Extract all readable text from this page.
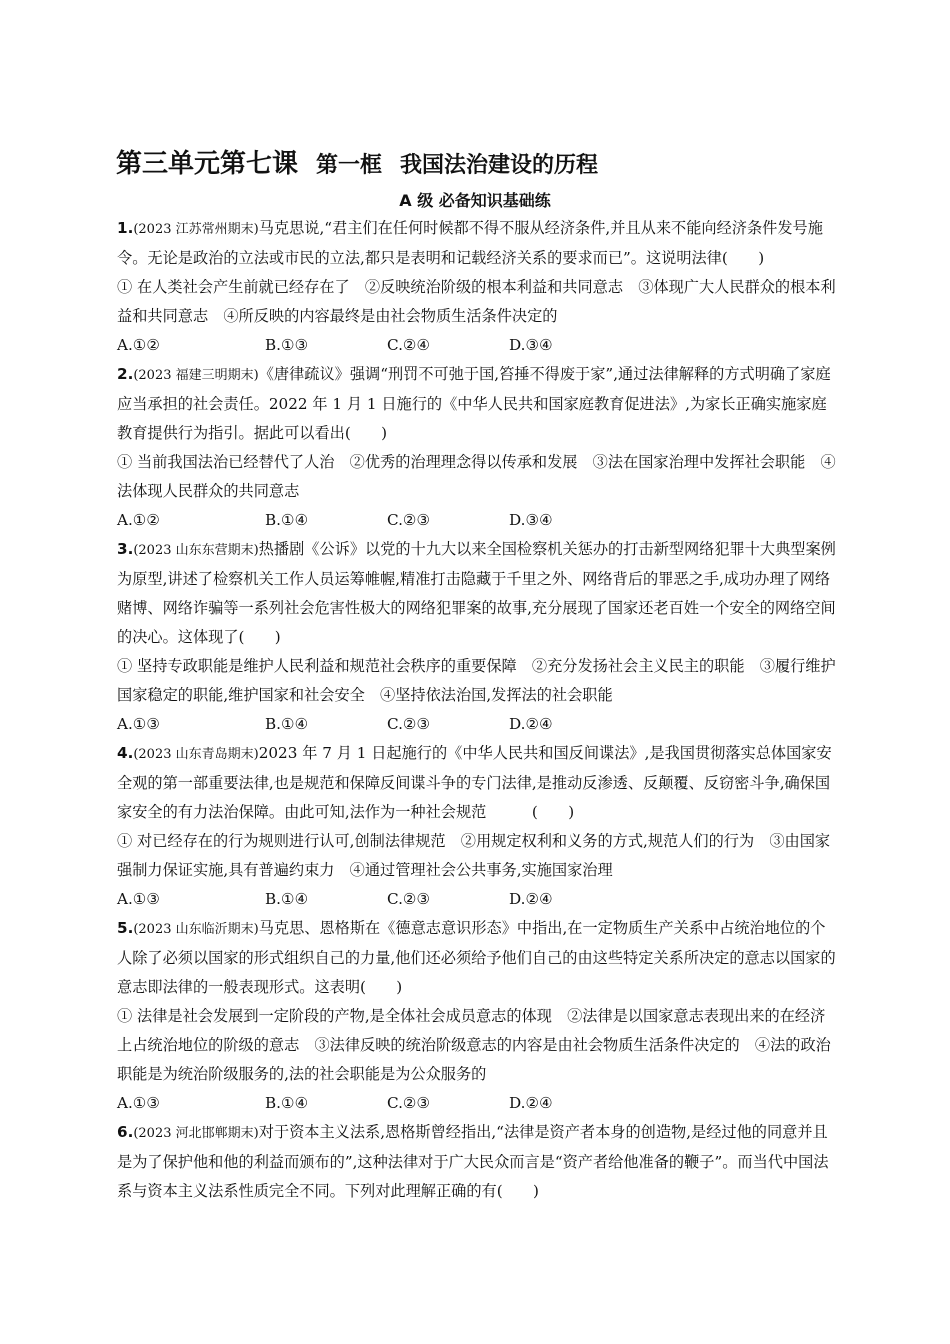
第三单元第七课 第一框 我国法治建设的历程
A 级 必备知识基础练

1.(2023 江苏常州期末)马克思说,“君主们在任何时候都不得不服从经济条件,并且从来不能向经济条件发号施令。无论是政治的立法或市民的立法,都只是表明和记载经济关系的要求而已”。这说明法律(　　)

① 在人类社会产生前就已经存在了　②反映统治阶级的根本利益和共同意志　③体现广大人民群众的根本利益和共同意志　④所反映的内容最终是由社会物质生活条件决定的

A.①②	B.①③	C.②④	D.③④

2.(2023 福建三明期末)《唐律疏议》强调“刑罚不可弛于国,笞捶不得废于家”,通过法律解释的方式明确了家庭应当承担的社会责任。2022 年 1 月 1 日施行的《中华人民共和国家庭教育促进法》,为家长正确实施家庭教育提供行为指引。据此可以看出(　　)

① 当前我国法治已经替代了人治　②优秀的治理理念得以传承和发展　③法在国家治理中发挥社会职能　④法体现人民群众的共同意志

A.①②	B.①④	C.②③	D.③④

3.(2023 山东东营期末)热播剧《公诉》以党的十九大以来全国检察机关惩办的打击新型网络犯罪十大典型案例为原型,讲述了检察机关工作人员运筹帷幄,精准打击隐藏于千里之外、网络背后的罪恶之手,成功办理了网络赌博、网络诈骗等一系列社会危害性极大的网络犯罪案的故事,充分展现了国家还老百姓一个安全的网络空间的决心。这体现了(　　)

① 坚持专政职能是维护人民利益和规范社会秩序的重要保障　②充分发扬社会主义民主的职能　③履行维护国家稳定的职能,维护国家和社会安全　④坚持依法治国,发挥法的社会职能

A.①③	B.①④	C.②③	D.②④

4.(2023 山东青岛期末)2023 年 7 月 1 日起施行的《中华人民共和国反间谍法》,是我国贯彻落实总体国家安全观的第一部重要法律,也是规范和保障反间谍斗争的专门法律,是推动反渗透、反颠覆、反窃密斗争,确保国家安全的有力法治保障。由此可知,法作为一种社会规范　　　(　　)

① 对已经存在的行为规则进行认可,创制法律规范　②用规定权利和义务的方式,规范人们的行为　③由国家强制力保证实施,具有普遍约束力　④通过管理社会公共事务,实施国家治理

A.①③	B.①④	C.②③	D.②④

5.(2023 山东临沂期末)马克思、恩格斯在《德意志意识形态》中指出,在一定物质生产关系中占统治地位的个人除了必须以国家的形式组织自己的力量,他们还必须给予他们自己的由这些特定关系所决定的意志以国家的意志即法律的一般表现形式。这表明(　　)

① 法律是社会发展到一定阶段的产物,是全体社会成员意志的体现　②法律是以国家意志表现出来的在经济上占统治地位的阶级的意志　③法律反映的统治阶级意志的内容是由社会物质生活条件决定的　④法的政治职能是为统治阶级服务的,法的社会职能是为公众服务的

A.①③	B.①④	C.②③	D.②④

6.(2023 河北邯郸期末)对于资本主义法系,恩格斯曾经指出,“法律是资产者本身的创造物,是经过他的同意并且是为了保护他和他的利益而颁布的”,这种法律对于广大民众而言是“资产者给他准备的鞭子”。而当代中国法系与资本主义法系性质完全不同。下列对此理解正确的有(　　)
